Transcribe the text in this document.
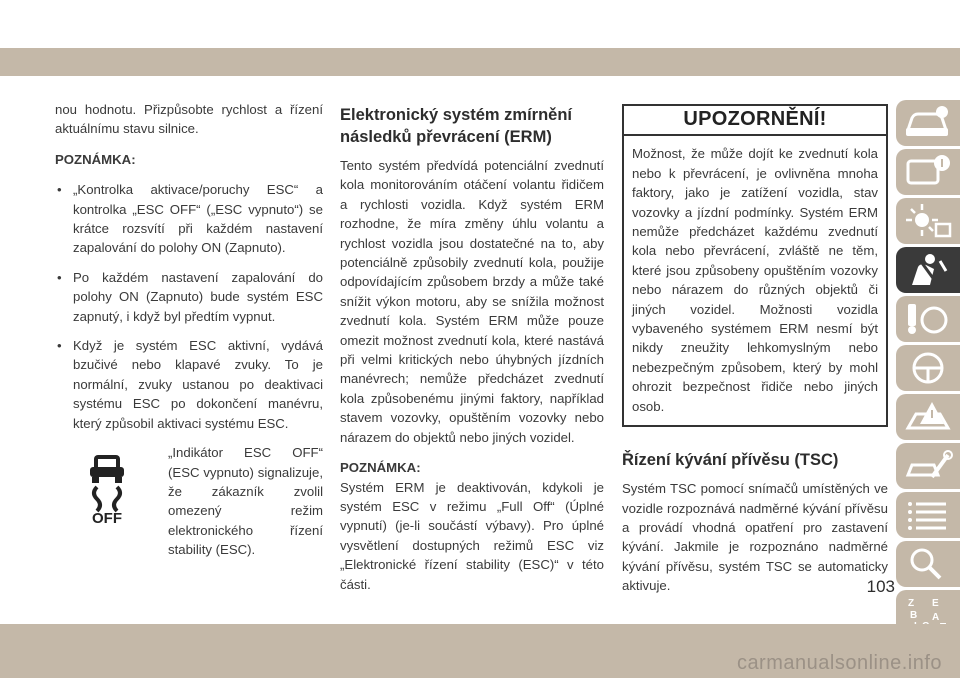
nou hodnotu. Přizpůsobte rychlost a řízení aktuálnímu stavu silnice.

POZNÁMKA:

• „Kontrolka aktivace/poruchy ESC“ a kontrolka „ESC OFF“ („ESC vypnuto“) se krátce rozsvítí při každém nastavení zapalování do polohy ON (Zapnuto).
• Po každém nastavení zapalování do polohy ON (Zapnuto) bude systém ESC zapnutý, i když byl předtím vypnut.
• Když je systém ESC aktivní, vydává bzučivé nebo klapavé zvuky. To je normální, zvuky ustanou po deaktivaci systému ESC po dokončení manévru, který způsobil aktivaci systému ESC.
OFF
„Indikátor ESC OFF“ (ESC vypnuto) signalizuje, že zákazník zvolil omezený režim elektronického řízení stability (ESC).
Elektronický systém zmírnění následků převrácení (ERM)

Tento systém předvídá potenciální zvednutí kola monitorováním otáčení volantu řidičem a rychlosti vozidla. Když systém ERM rozhodne, že míra změny úhlu volantu a rychlost vozidla jsou dostatečné na to, aby potenciálně způsobily zvednutí kola, použije odpovídajícím způsobem brzdy a může také snížit výkon motoru, aby se snížila možnost zvednutí kola. Systém ERM může pouze omezit možnost zvednutí kola, které nastává při velmi kritických nebo úhybných jízdních manévrech; nemůže předcházet zvednutí kola způsobenému jinými faktory, například stavem vozovky, opuštěním vozovky nebo nárazem do objektů nebo jiných vozidel.

POZNÁMKA:

Systém ERM je deaktivován, kdykoli je systém ESC v režimu „Full Off“ (Úplné vypnutí) (je-li součástí výbavy). Pro úplné vysvětlení dostupných režimů ESC viz „Elektronické řízení stability (ESC)“ v této části.

UPOZORNĚNÍ!
Možnost, že může dojít ke zvednutí kola nebo k převrácení, je ovlivněna mnoha faktory, jako je zatížení vozidla, stav vozovky a jízdní podmínky. Systém ERM nemůže předcházet každému zvednutí kola nebo převrácení, zvláště ne těm, které jsou způsobeny opuštěním vozovky nebo nárazem do různých objektů či jiných vozidel. Možnosti vozidla vybaveného systémem ERM nesmí být nikdy zneužity lehkomyslným nebo nebezpečným způsobem, který by mohl ohrozit bezpečnost řidiče nebo jiných osob.
Řízení kývání přívěsu (TSC)

Systém TSC pomocí snímačů umístěných ve vozidle rozpoznává nadměrné kývání přívěsu a provádí vhodná opatření pro zastavení kývání. Jakmile je rozpoznáno nadměrné kývání přívěsu, systém TSC se automaticky aktivuje.

Z E
B A
103
carmanualsonline.info
